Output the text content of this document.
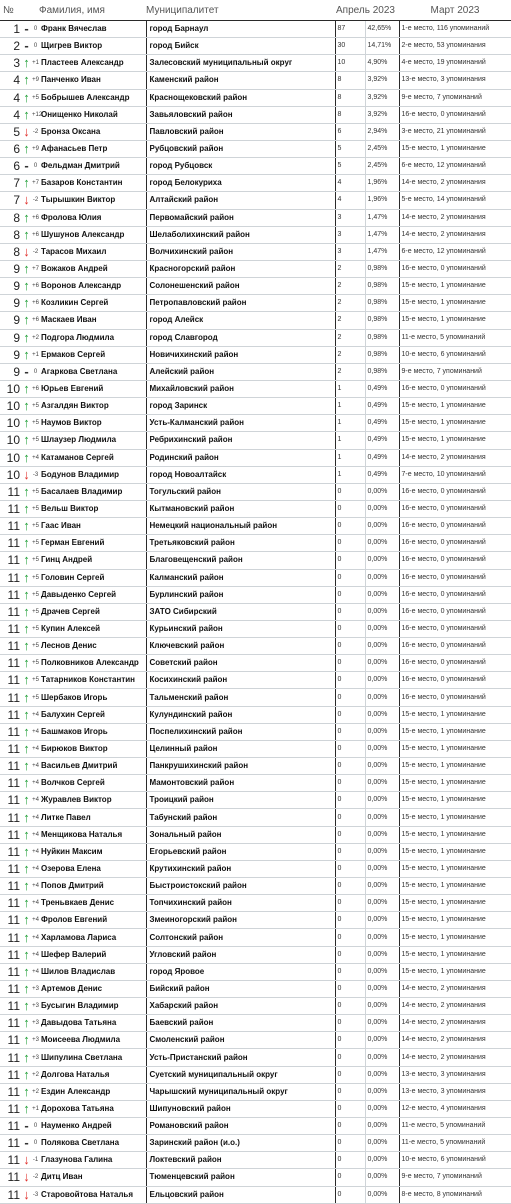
№			Фамилия, имя	Муниципалитет	Апрель 2023		Март 2023
1	-	0	Франк Вячеслав	город Барнаул	87	42,65%	1-е место, 116 упоминаний
2	-	0	Щигрев Виктор	город Бийск	30	14,71%	2-е место, 53 упоминания
3	↑	+1	Пластеев Александр	Залесовский муниципальный округ	10	4,90%	4-е место, 19 упоминаний
4	↑	+9	Панченко Иван	Каменский район	8	3,92%	13-е место, 3 упоминания
4	↑	+5	Бобрышев Александр	Краснощековский район	8	3,92%	9-е место, 7 упоминаний
4	↑	+12	Онищенко Николай	Завьяловский район	8	3,92%	16-е место, 0 упоминаний
5	↓	-2	Бронза Оксана	Павловский район	6	2,94%	3-е место, 21 упоминаний
6	↑	+9	Афанасьев Петр	Рубцовский район	5	2,45%	15-е место, 1 упоминание
6	-	0	Фельдман Дмитрий	город Рубцовск	5	2,45%	6-е место, 12 упоминаний
7	↑	+7	Базаров Константин	город Белокуриха	4	1,96%	14-е место, 2 упоминания
7	↓	-2	Тырышкин Виктор	Алтайский район	4	1,96%	5-е место, 14 упоминаний
8	↑	+6	Фролова Юлия	Первомайский район	3	1,47%	14-е место, 2 упоминания
8	↑	+6	Шушунов Александр	Шелаболихинский район	3	1,47%	14-е место, 2 упоминания
8	↓	-2	Тарасов Михаил	Волчихинский район	3	1,47%	6-е место, 12 упоминаний
9	↑	+7	Вожаков Андрей	Красногорский район	2	0,98%	16-е место, 0 упоминаний
9	↑	+6	Воронов Александр	Солонешенский район	2	0,98%	15-е место, 1 упоминание
9	↑	+6	Козликин Сергей	Петропавловский район	2	0,98%	15-е место, 1 упоминание
9	↑	+6	Маскаев Иван	город Алейск	2	0,98%	15-е место, 1 упоминание
9	↑	+2	Подгора Людмила	город Славгород	2	0,98%	11-е место, 5 упоминаний
9	↑	+1	Ермаков Сергей	Новичихинский район	2	0,98%	10-е место, 6 упоминаний
9	-	0	Агаркова Светлана	Алейский район	2	0,98%	9-е место, 7 упоминаний
10	↑	+6	Юрьев Евгений	Михайловский район	1	0,49%	16-е место, 0 упоминаний
10	↑	+5	Азгалдян Виктор	город Заринск	1	0,49%	15-е место, 1 упоминание
10	↑	+5	Наумов Виктор	Усть-Калманский район	1	0,49%	15-е место, 1 упоминание
10	↑	+5	Шлаузер Людмила	Ребрихинский район	1	0,49%	15-е место, 1 упоминание
10	↑	+4	Катаманов Сергей	Родинский район	1	0,49%	14-е место, 2 упоминания
10	↓	-3	Бодунов Владимир	город Новоалтайск	1	0,49%	7-е место, 10 упоминаний
11	↑	+5	Басалаев Владимир	Тогульский район	0	0,00%	16-е место, 0 упоминаний
11	↑	+5	Вельш Виктор	Кытмановский район	0	0,00%	16-е место, 0 упоминаний
11	↑	+5	Гаас Иван	Немецкий национальный район	0	0,00%	16-е место, 0 упоминаний
11	↑	+5	Герман Евгений	Третьяковский район	0	0,00%	16-е место, 0 упоминаний
11	↑	+5	Гинц Андрей	Благовещенский район	0	0,00%	16-е место, 0 упоминаний
11	↑	+5	Головин Сергей	Калманский район	0	0,00%	16-е место, 0 упоминаний
11	↑	+5	Давыденко Сергей	Бурлинский район	0	0,00%	16-е место, 0 упоминаний
11	↑	+5	Драчев Сергей	ЗАТО Сибирский	0	0,00%	16-е место, 0 упоминаний
11	↑	+5	Купин Алексей	Курьинский район	0	0,00%	16-е место, 0 упоминаний
11	↑	+5	Леснов Денис	Ключевский район	0	0,00%	16-е место, 0 упоминаний
11	↑	+5	Полковников Александр	Советский район	0	0,00%	16-е место, 0 упоминаний
11	↑	+5	Татарников Константин	Косихинский район	0	0,00%	16-е место, 0 упоминаний
11	↑	+5	Шербаков Игорь	Тальменский район	0	0,00%	16-е место, 0 упоминаний
11	↑	+4	Балухин Сергей	Кулундинский район	0	0,00%	15-е место, 1 упоминание
11	↑	+4	Башмаков Игорь	Поспелихинский район	0	0,00%	15-е место, 1 упоминание
11	↑	+4	Бирюков Виктор	Целинный район	0	0,00%	15-е место, 1 упоминание
11	↑	+4	Васильев Дмитрий	Панкрушихинский район	0	0,00%	15-е место, 1 упоминание
11	↑	+4	Волчков Сергей	Мамонтовский район	0	0,00%	15-е место, 1 упоминание
11	↑	+4	Журавлев Виктор	Троицкий район	0	0,00%	15-е место, 1 упоминание
11	↑	+4	Литке Павел	Табунский район	0	0,00%	15-е место, 1 упоминание
11	↑	+4	Менщикова Наталья	Зональный район	0	0,00%	15-е место, 1 упоминание
11	↑	+4	Нуйкин Максим	Егорьевский район	0	0,00%	15-е место, 1 упоминание
11	↑	+4	Озерова Елена	Крутихинский район	0	0,00%	15-е место, 1 упоминание
11	↑	+4	Попов Дмитрий	Быстроистокский район	0	0,00%	15-е место, 1 упоминание
11	↑	+4	Треньвкаев Денис	Топчихинский район	0	0,00%	15-е место, 1 упоминание
11	↑	+4	Фролов Евгений	Змеиногорский район	0	0,00%	15-е место, 1 упоминание
11	↑	+4	Харламова Лариса	Солтонский район	0	0,00%	15-е место, 1 упоминание
11	↑	+4	Шефер Валерий	Угловский район	0	0,00%	15-е место, 1 упоминание
11	↑	+4	Шилов Владислав	город Яровое	0	0,00%	15-е место, 1 упоминание
11	↑	+3	Артемов Денис	Бийский район	0	0,00%	14-е место, 2 упоминания
11	↑	+3	Бусыгин Владимир	Хабарский район	0	0,00%	14-е место, 2 упоминания
11	↑	+3	Давыдова Татьяна	Баевский район	0	0,00%	14-е место, 2 упоминания
11	↑	+3	Моисеева Людмила	Смоленский район	0	0,00%	14-е место, 2 упоминания
11	↑	+3	Шипулина Светлана	Усть-Пристанский район	0	0,00%	14-е место, 2 упоминания
11	↑	+2	Долгова Наталья	Суетский муниципальный округ	0	0,00%	13-е место, 3 упоминания
11	↑	+2	Ездин Александр	Чарышский муниципальный округ	0	0,00%	13-е место, 3 упоминания
11	↑	+1	Дорохова Татьяна	Шипуновский район	0	0,00%	12-е место, 4 упоминания
11	-	0	Науменко Андрей	Романовский район	0	0,00%	11-е место, 5 упоминаний
11	-	0	Полякова Светлана	Заринский район (и.о.)	0	0,00%	11-е место, 5 упоминаний
11	↓	-1	Глазунова Галина	Локтевский район	0	0,00%	10-е место, 6 упоминаний
11	↓	-2	Дитц Иван	Тюменцевский район	0	0,00%	9-е место, 7 упоминаний
11	↓	-3	Старовойтова Наталья	Ельцовский район	0	0,00%	8-е место, 8 упоминаний
